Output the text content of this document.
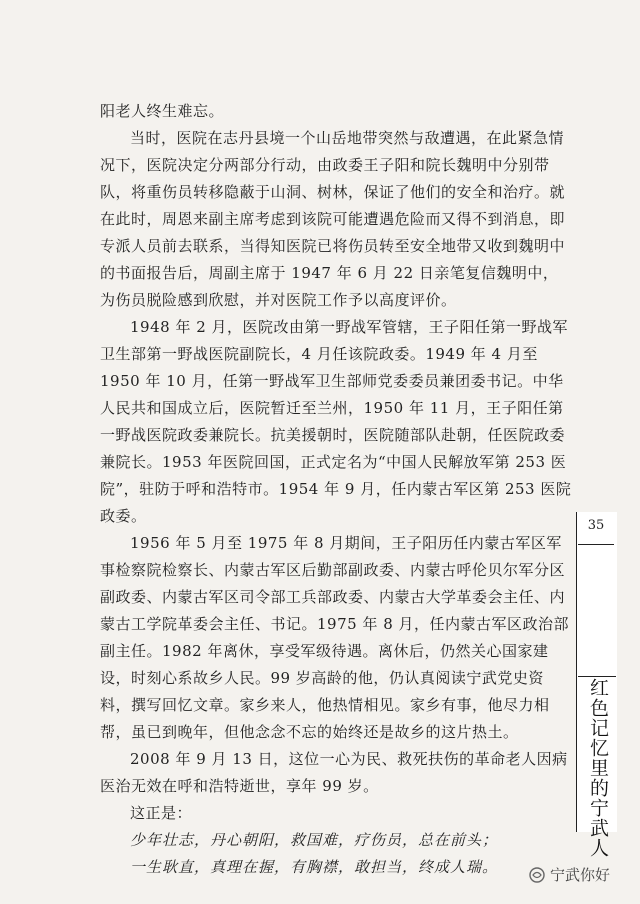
阳老人终生难忘。

当时，医院在志丹县境一个山岳地带突然与敌遭遇，在此紧急情况下，医院决定分两部分行动，由政委王子阳和院长魏明中分别带队，将重伤员转移隐蔽于山洞、树林，保证了他们的安全和治疗。就在此时，周恩来副主席考虑到该院可能遭遇危险而又得不到消息，即专派人员前去联系，当得知医院已将伤员转至安全地带又收到魏明中的书面报告后，周副主席于 1947 年 6 月 22 日亲笔复信魏明中，为伤员脱险感到欣慰，并对医院工作予以高度评价。

1948 年 2 月，医院改由第一野战军管辖，王子阳任第一野战军卫生部第一野战医院副院长，4 月任该院政委。1949 年 4 月至 1950 年 10 月，任第一野战军卫生部师党委委员兼团委书记。中华人民共和国成立后，医院暂迁至兰州，1950 年 11 月，王子阳任第一野战医院政委兼院长。抗美援朝时，医院随部队赴朝，任医院政委兼院长。1953 年医院回国，正式定名为“中国人民解放军第 253 医院”，驻防于呼和浩特市。1954 年 9 月，任内蒙古军区第 253 医院政委。

1956 年 5 月至 1975 年 8 月期间，王子阳历任内蒙古军区军事检察院检察长、内蒙古军区后勤部副政委、内蒙古呼伦贝尔军分区副政委、内蒙古军区司令部工兵部政委、内蒙古大学革委会主任、内蒙古工学院革委会主任、书记。1975 年 8 月，任内蒙古军区政治部副主任。1982 年离休，享受军级待遇。离休后，仍然关心国家建设，时刻心系故乡人民。99 岁高龄的他，仍认真阅读宁武党史资料，撰写回忆文章。家乡来人，他热情相见。家乡有事，他尽力相帮，虽已到晚年，但他念念不忘的始终还是故乡的这片热土。

2008 年 9 月 13 日，这位一心为民、救死扶伤的革命老人因病医治无效在呼和浩特逝世，享年 99 岁。

这正是：

少年壮志，丹心朝阳，救国难，疗伤员，总在前头；

一生耿直，真理在握，有胸襟，敢担当，终成人瑞。

35
红色记忆里的宁武人
宁武你好
